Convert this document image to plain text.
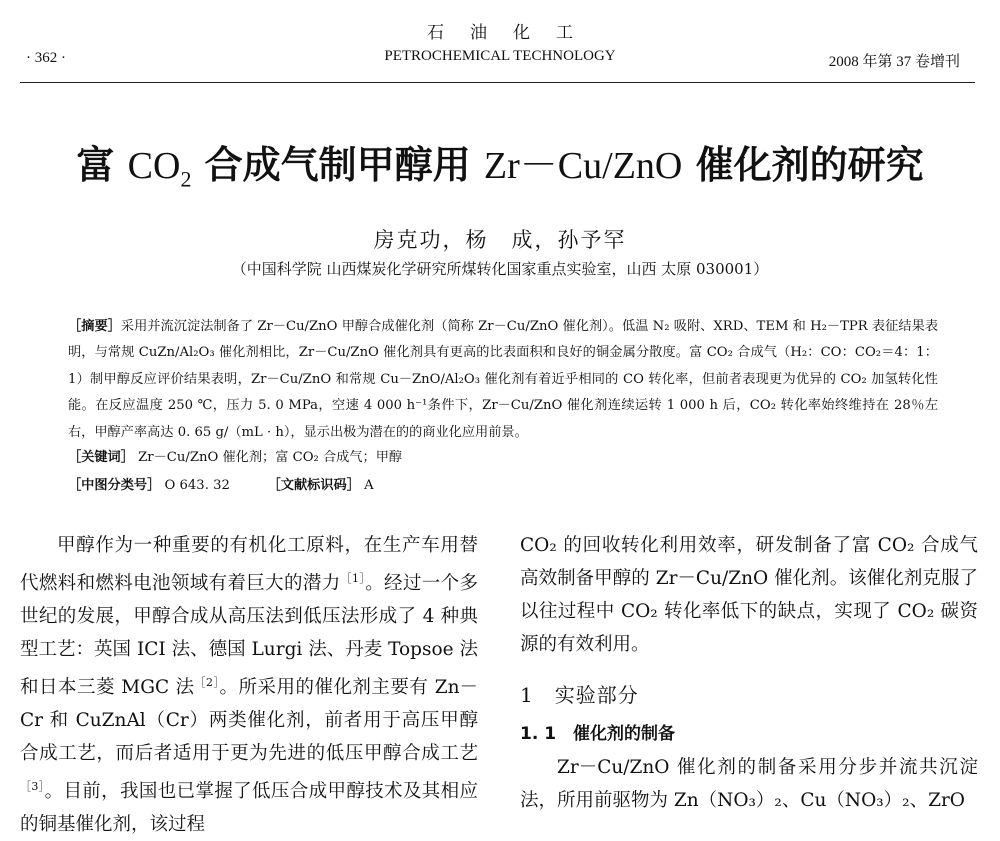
石油化工
PETROCHEMICAL TECHNOLOGY
· 362 ·	2008 年第 37 卷增刊
富 $CO_2$ 合成气制甲醇用 Zr－Cu/ZnO 催化剂的研究
房克功，杨　成，孙予罕
（中国科学院 山西煤炭化学研究所煤转化国家重点实验室，山西 太原 030001）
［摘要］采用并流沉淀法制备了 Zr－Cu/ZnO 甲醇合成催化剂（简称 Zr－Cu/ZnO 催化剂）。低温 N₂ 吸附、XRD、TEM 和 H₂－TPR 表征结果表明，与常规 CuZn/Al₂O₃ 催化剂相比，Zr－Cu/ZnO 催化剂具有更高的比表面积和良好的铜金属分散度。富 CO₂ 合成气（H₂：CO：CO₂＝4：1：1）制甲醇反应评价结果表明，Zr－Cu/ZnO 和常规 Cu－ZnO/Al₂O₃ 催化剂有着近乎相同的 CO 转化率，但前者表现更为优异的 CO₂ 加氢转化性能。在反应温度 250 ℃，压力 5. 0 MPa，空速 4 000 h⁻¹条件下，Zr－Cu/ZnO 催化剂连续运转 1 000 h 后，CO₂ 转化率始终维持在 28％左右，甲醇产率高达 0. 65 g/（mL · h），显示出极为潜在的的商业化应用前景。
［关键词］ Zr－Cu/ZnO 催化剂；富 CO₂ 合成气；甲醇
［中图分类号］ O 643. 32	［文献标识码］ A
甲醇作为一种重要的有机化工原料，在生产车用替代燃料和燃料电池领域有着巨大的潜力$^{[1]}$。经过一个多世纪的发展，甲醇合成从高压法到低压法形成了 4 种典型工艺：英国 ICI 法、德国 Lurgi 法、丹麦 Topsoe 法和日本三菱 MGC 法$^{[2]}$。所采用的催化剂主要有 Zn－Cr 和 CuZnAl（Cr）两类催化剂，前者用于高压甲醇合成工艺，而后者适用于更为先进的低压甲醇合成工艺$^{[3]}$。目前，我国也已掌握了低压合成甲醇技术及其相应的铜基催化剂，该过程
CO₂ 的回收转化利用效率，研发制备了富 CO₂ 合成气高效制备甲醇的 Zr－Cu/ZnO 催化剂。该催化剂克服了以往过程中 CO₂ 转化率低下的缺点，实现了 CO₂ 碳资源的有效利用。
1　实验部分
1. 1　催化剂的制备
Zr－Cu/ZnO 催化剂的制备采用分步并流共沉淀法，所用前驱物为 Zn（NO₃）₂、Cu（NO₃）₂、ZrO
